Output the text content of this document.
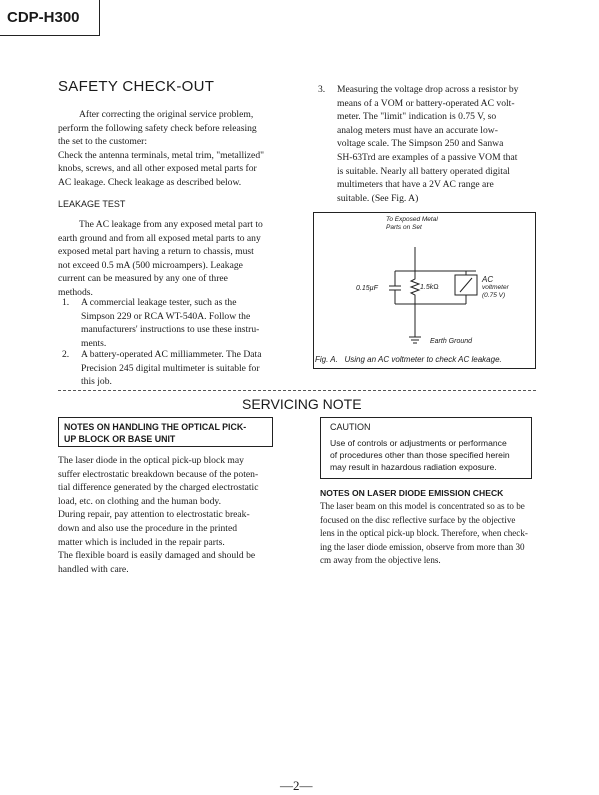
CDP-H300
SAFETY CHECK-OUT
After correcting the original service problem,
perform the following safety check before releasing
the set to the customer:
Check the antenna terminals, metal trim, "metallized"
knobs, screws, and all other exposed metal parts for
AC leakage. Check leakage as described below.
LEAKAGE TEST
The AC leakage from any exposed metal part to
earth ground and from all exposed metal parts to any
exposed metal part having a return to chassis, must
not exceed 0.5 mA (500 microampers). Leakage
current can be measured by any one of three
methods.
1. A commercial leakage tester, such as the
Simpson 229 or RCA WT-540A. Follow the
manufacturers' instructions to use these instru-
ments.
2. A battery-operated AC milliammeter. The Data
Precision 245 digital multimeter is suitable for
this job.
3. Measuring the voltage drop across a resistor by
means of a VOM or battery-operated AC volt-
meter. The "limit" indication is 0.75 V, so
analog meters must have an accurate low-
voltage scale. The Simpson 250 and Sanwa
SH-63Trd are examples of a passive VOM that
is suitable. Nearly all battery operated digital
multimeters that have a 2V AC range are
suitable. (See Fig. A)
To Exposed Metal
Parts on Set
0.15µF	1.5kΩ
AC
voltmeter
(0.75 V)
Earth Ground
Fig. A.   Using an AC voltmeter to check AC leakage.
SERVICING NOTE
NOTES ON HANDLING THE OPTICAL PICK-
UP BLOCK OR BASE UNIT
The laser diode in the optical pick-up block may
suffer electrostatic breakdown because of the poten-
tial difference generated by the charged electrostatic
load, etc. on clothing and the human body.
During repair, pay attention to electrostatic break-
down and also use the procedure in the printed
matter which is included in the repair parts.
The flexible board is easily damaged and should be
handled with care.
CAUTION
Use of controls or adjustments or performance
of procedures other than those specified herein
may result in hazardous radiation exposure.
NOTES ON LASER DIODE EMISSION CHECK
The laser beam on this model is concentrated so as to be
focused on the disc reflective surface by the objective
lens in the optical pick-up block. Therefore, when check-
ing the laser diode emission, observe from more than 30
cm away from the objective lens.
—2—
